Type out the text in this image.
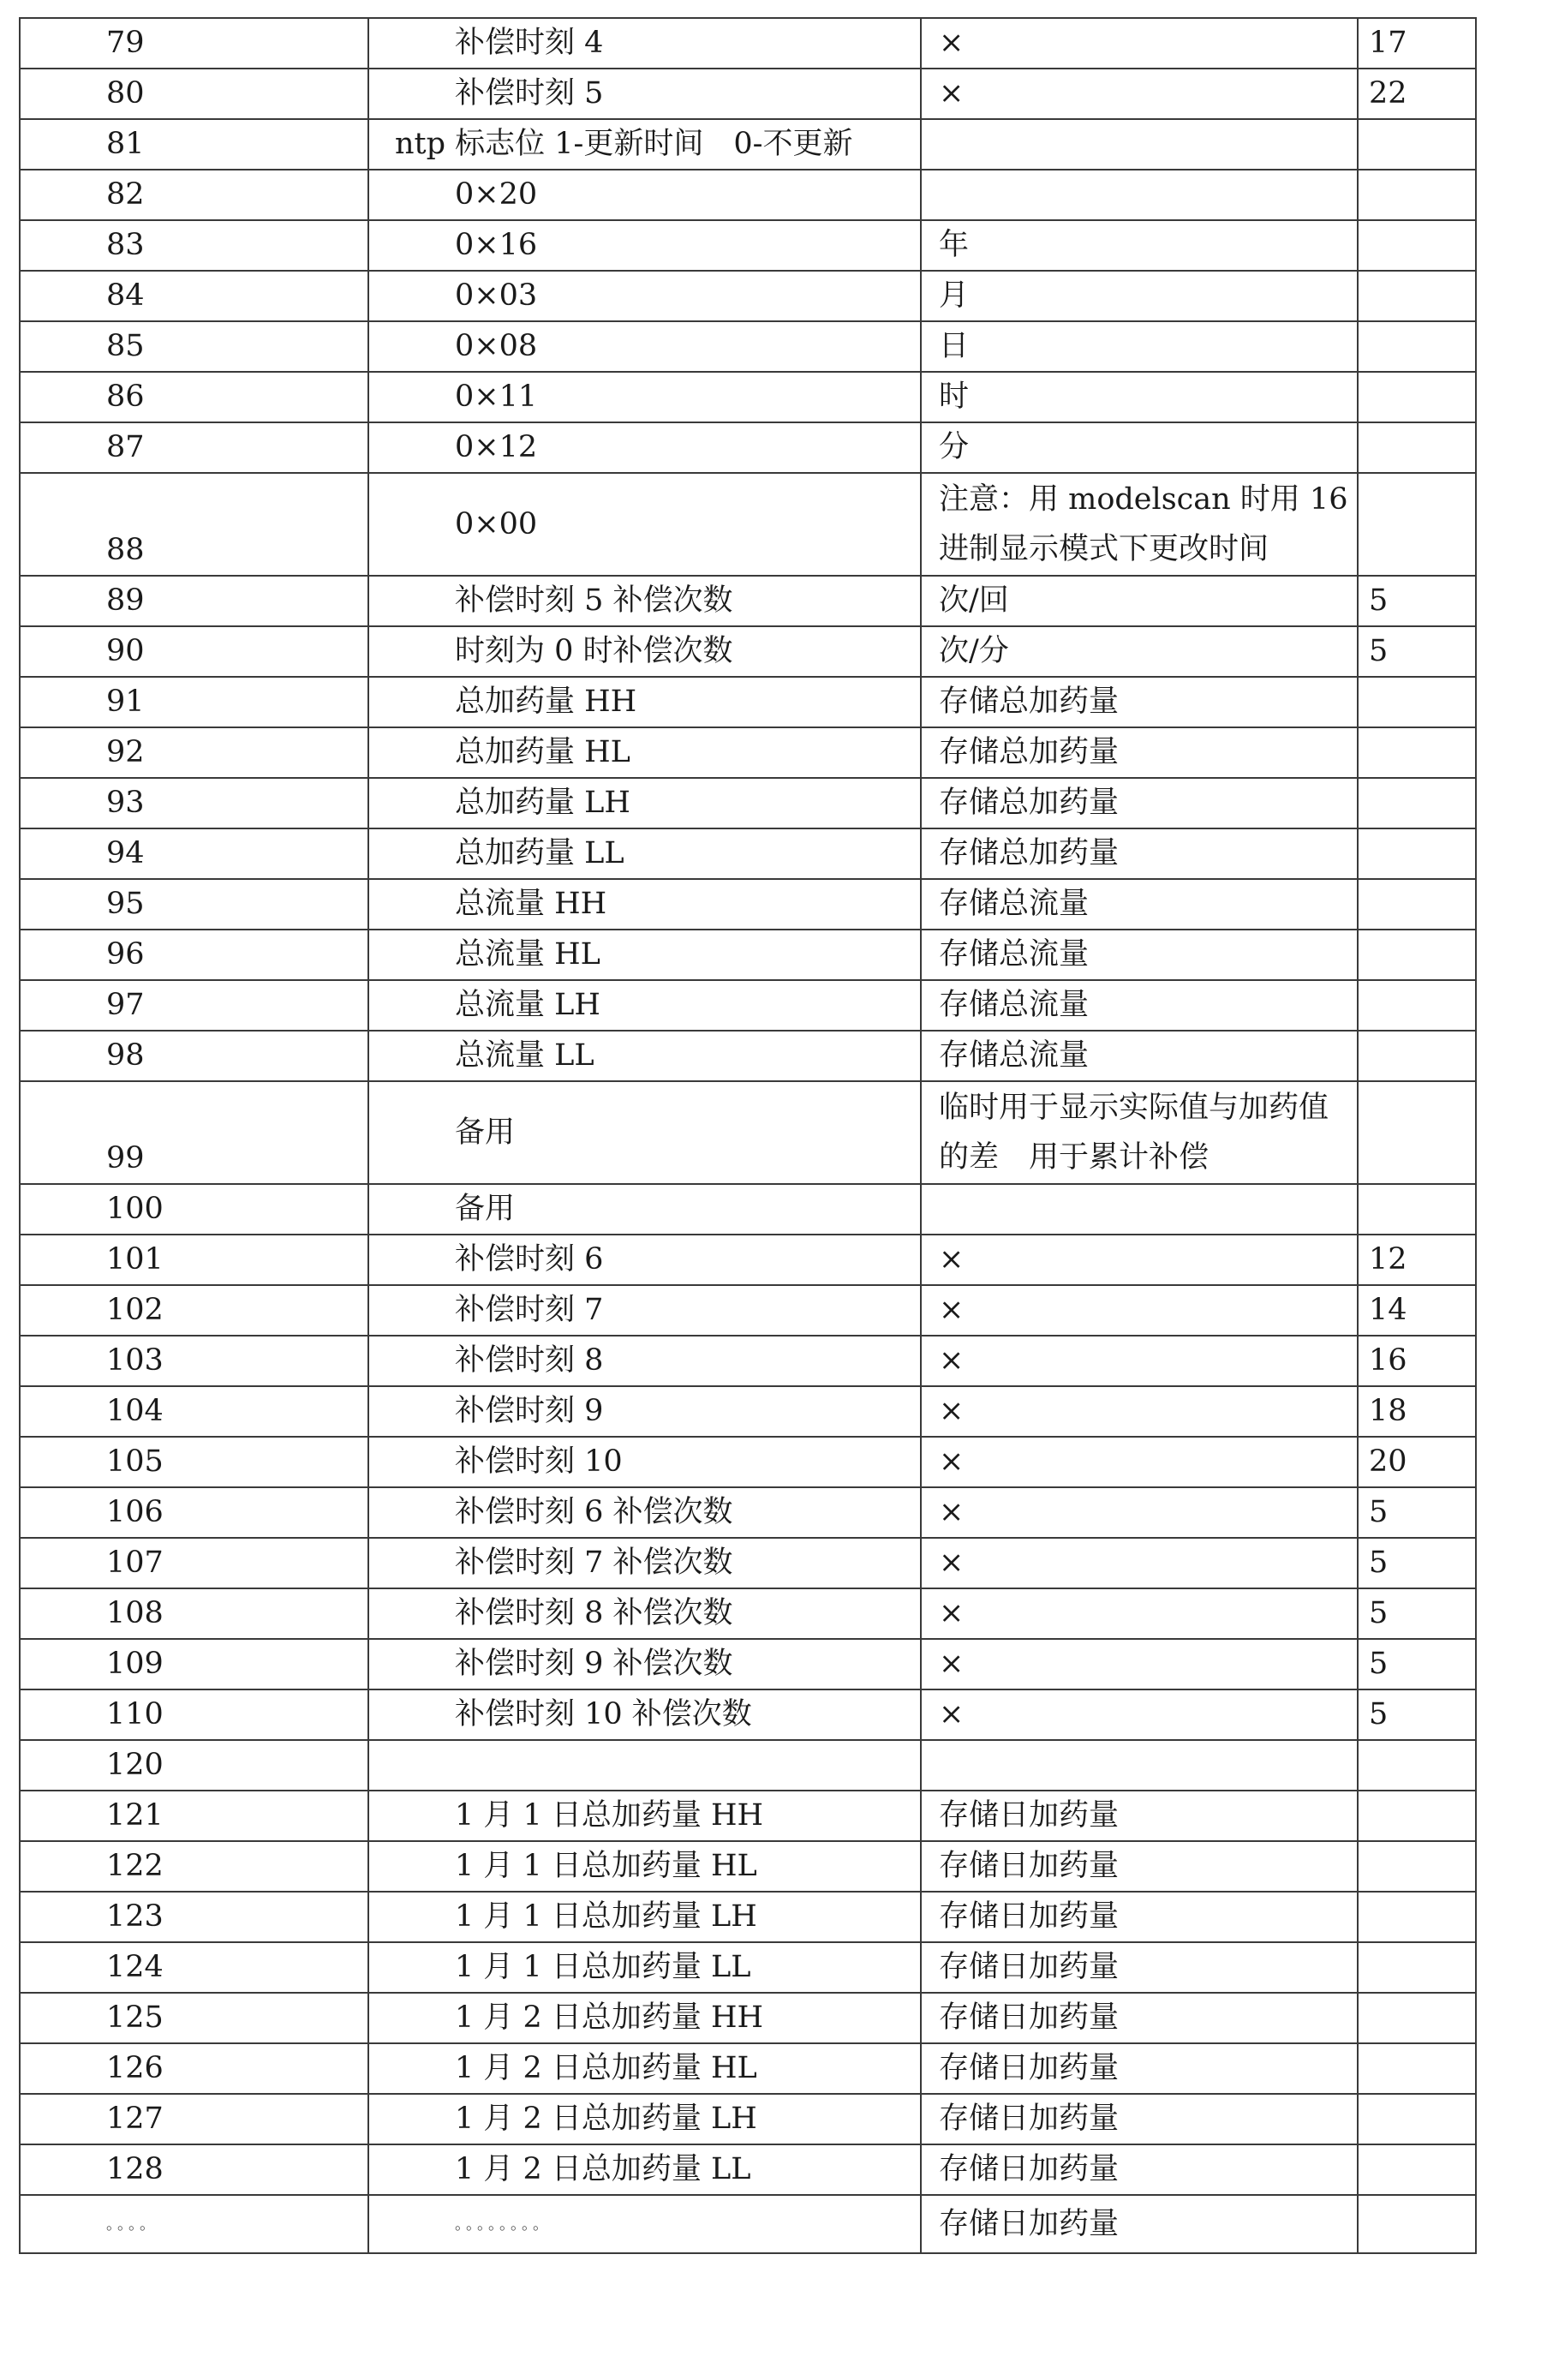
79	补偿时刻 4	×	17
80	补偿时刻 5	×	22
81	ntp 标志位 1-更新时间　0-不更新		
82	0×20		
83	0×16	年	
84	0×03	月	
85	0×08	日	
86	0×11	时	
87	0×12	分	
88	0×00	注意：用 modelscan 时用 16 进制显示模式下更改时间	
89	补偿时刻 5 补偿次数	次/回	5
90	时刻为 0 时补偿次数	次/分	5
91	总加药量 HH	存储总加药量	
92	总加药量 HL	存储总加药量	
93	总加药量 LH	存储总加药量	
94	总加药量 LL	存储总加药量	
95	总流量 HH	存储总流量	
96	总流量 HL	存储总流量	
97	总流量 LH	存储总流量	
98	总流量 LL	存储总流量	
99	备用	临时用于显示实际值与加药值的差　用于累计补偿	
100	备用		
101	补偿时刻 6	×	12
102	补偿时刻 7	×	14
103	补偿时刻 8	×	16
104	补偿时刻 9	×	18
105	补偿时刻 10	×	20
106	补偿时刻 6 补偿次数	×	5
107	补偿时刻 7 补偿次数	×	5
108	补偿时刻 8 补偿次数	×	5
109	补偿时刻 9 补偿次数	×	5
110	补偿时刻 10 补偿次数	×	5
120			
121	1 月 1 日总加药量 HH	存储日加药量	
122	1 月 1 日总加药量 HL	存储日加药量	
123	1 月 1 日总加药量 LH	存储日加药量	
124	1 月 1 日总加药量 LL	存储日加药量	
125	1 月 2 日总加药量 HH	存储日加药量	
126	1 月 2 日总加药量 HL	存储日加药量	
127	1 月 2 日总加药量 LH	存储日加药量	
128	1 月 2 日总加药量 LL	存储日加药量	
。。。。	。。。。。。。。	存储日加药量	
